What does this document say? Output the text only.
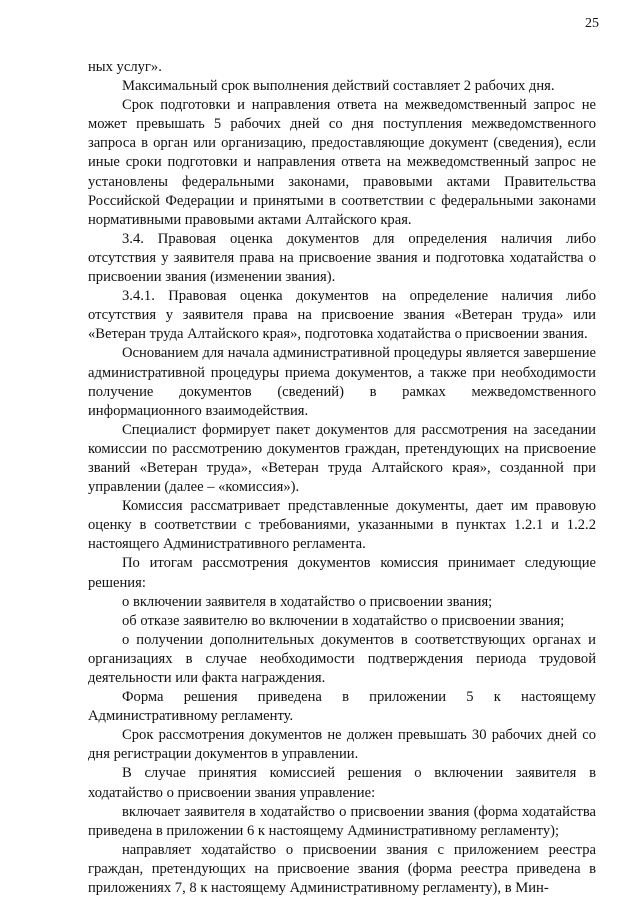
25

ных услуг».

Максимальный срок выполнения действий составляет 2 рабочих дня.

Срок подготовки и направления ответа на межведомственный запрос не может превышать 5 рабочих дней со дня поступления межведомственного запроса в орган или организацию, предоставляющие документ (сведения), если иные сроки подготовки и направления ответа на межведомственный запрос не установлены федеральными законами, правовыми актами Правительства Российской Федерации и принятыми в соответствии с федеральными законами нормативными правовыми актами Алтайского края.

3.4. Правовая оценка документов для определения наличия либо отсутствия у заявителя права на присвоение звания и подготовка ходатайства о присвоении звания (изменении звания).

3.4.1. Правовая оценка документов на определение наличия либо отсутствия у заявителя права на присвоение звания «Ветеран труда» или «Ветеран труда Алтайского края», подготовка ходатайства о присвоении звания.

Основанием для начала административной процедуры является завершение административной процедуры приема документов, а также при необходимости получение документов (сведений) в рамках межведомственного информационного взаимодействия.

Специалист формирует пакет документов для рассмотрения на заседании комиссии по рассмотрению документов граждан, претендующих на присвоение званий «Ветеран труда», «Ветеран труда Алтайского края», созданной при управлении (далее – «комиссия»).

Комиссия рассматривает представленные документы, дает им правовую оценку в соответствии с требованиями, указанными в пунктах 1.2.1 и 1.2.2 настоящего Административного регламента.

По итогам рассмотрения документов комиссия принимает следующие решения:

о включении заявителя в ходатайство о присвоении звания;

об отказе заявителю во включении в ходатайство о присвоении звания;

о получении дополнительных документов в соответствующих органах и организациях в случае необходимости подтверждения периода трудовой деятельности или факта награждения.

Форма решения приведена в приложении 5 к настоящему Административному регламенту.

Срок рассмотрения документов не должен превышать 30 рабочих дней со дня регистрации документов в управлении.

В случае принятия комиссией решения о включении заявителя в ходатайство о присвоении звания управление:

включает заявителя в ходатайство о присвоении звания (форма ходатайства приведена в приложении 6 к настоящему Административному регламенту);

направляет ходатайство о присвоении звания с приложением реестра граждан, претендующих на присвоение звания (форма реестра приведена в приложениях 7, 8 к настоящему Административному регламенту), в Мин-
